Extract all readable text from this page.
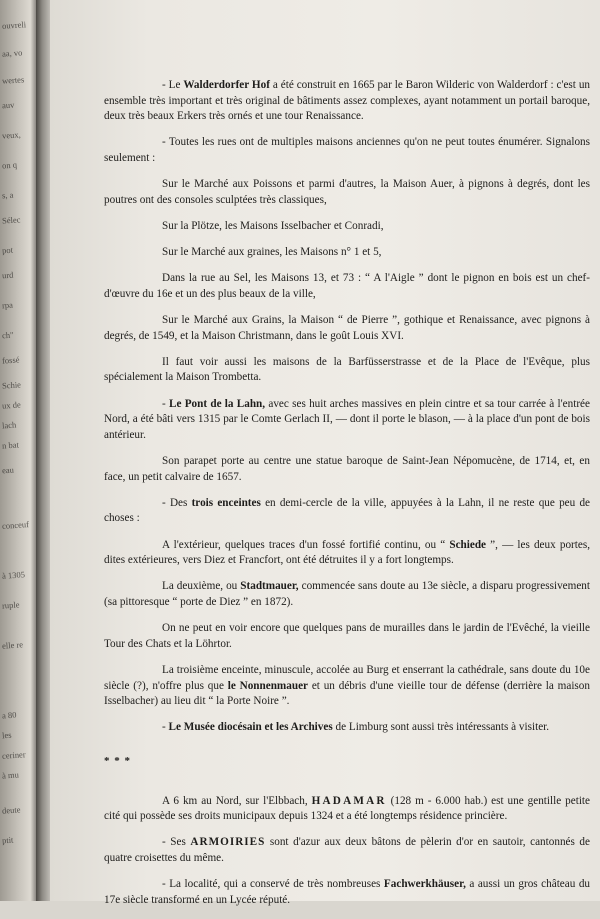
ouvreli
aa, vo
wertes
auv
veux,
on q
s, a
Sélec
pot
urd
rpa
ch"
fossé
Schie
ux de
lach
n bat
eau
conceuf
à 1305
ruple
elle re
a 80
les
ceriner
à mu
deute
ptit

- Le Walderdorfer Hof a été construit en 1665 par le Baron Wilderic von Walderdorf : c'est un ensemble très important et très original de bâtiments assez complexes, ayant notamment un portail baroque, deux très beaux Erkers très ornés et une tour Renaissance.

- Toutes les rues ont de multiples maisons anciennes qu'on ne peut toutes énumérer. Signalons seulement :

Sur le Marché aux Poissons et parmi d'autres, la Maison Auer, à pignons à degrés, dont les poutres ont des consoles sculptées très classiques,

Sur la Plötze, les Maisons Isselbacher et Conradi,

Sur le Marché aux graines, les Maisons n° 1 et 5,

Dans la rue au Sel, les Maisons 13, et 73 : “ A l'Aigle ” dont le pignon en bois est un chef-d'œuvre du 16e et un des plus beaux de la ville,

Sur le Marché aux Grains, la Maison “ de Pierre ”, gothique et Renaissance, avec pignons à degrés, de 1549, et la Maison Christmann, dans le goût Louis XVI.

Il faut voir aussi les maisons de la Barfüsserstrasse et de la Place de l'Evêque, plus spécialement la Maison Trombetta.

- Le Pont de la Lahn, avec ses huit arches massives en plein cintre et sa tour carrée à l'entrée Nord, a été bâti vers 1315 par le Comte Gerlach II, — dont il porte le blason, — à la place d'un pont de bois antérieur.

Son parapet porte au centre une statue baroque de Saint-Jean Népomucène, de 1714, et, en face, un petit calvaire de 1657.

- Des trois enceintes en demi-cercle de la ville, appuyées à la Lahn, il ne reste que peu de choses :

A l'extérieur, quelques traces d'un fossé fortifié continu, ou “ Schiede ”, — les deux portes, dites extérieures, vers Diez et Francfort, ont été détruites il y a fort longtemps.

La deuxième, ou Stadtmauer, commencée sans doute au 13e siècle, a disparu progressivement (sa pittoresque “ porte de Diez ” en 1872).

On ne peut en voir encore que quelques pans de murailles dans le jardin de l'Evêché, la vieille Tour des Chats et la Löhrtor.

La troisième enceinte, minuscule, accolée au Burg et enserrant la cathédrale, sans doute du 10e siècle (?), n'offre plus que le Nonnenmauer et un débris d'une vieille tour de défense (derrière la maison Isselbacher) au lieu dit “ la Porte Noire ”.

- Le Musée diocésain et les Archives de Limburg sont aussi très intéressants à visiter.

* * *

A 6 km au Nord, sur l'Elbbach, HADAMAR (128 m - 6.000 hab.) est une gentille petite cité qui possède ses droits municipaux depuis 1324 et a été longtemps résidence princière.

- Ses ARMOIRIES sont d'azur aux deux bâtons de pèlerin d'or en sautoir, cantonnés de quatre croisettes du même.

- La localité, qui a conservé de très nombreuses Fachwerkhäuser, a aussi un gros château du 17e siècle transformé en un Lycée réputé.
